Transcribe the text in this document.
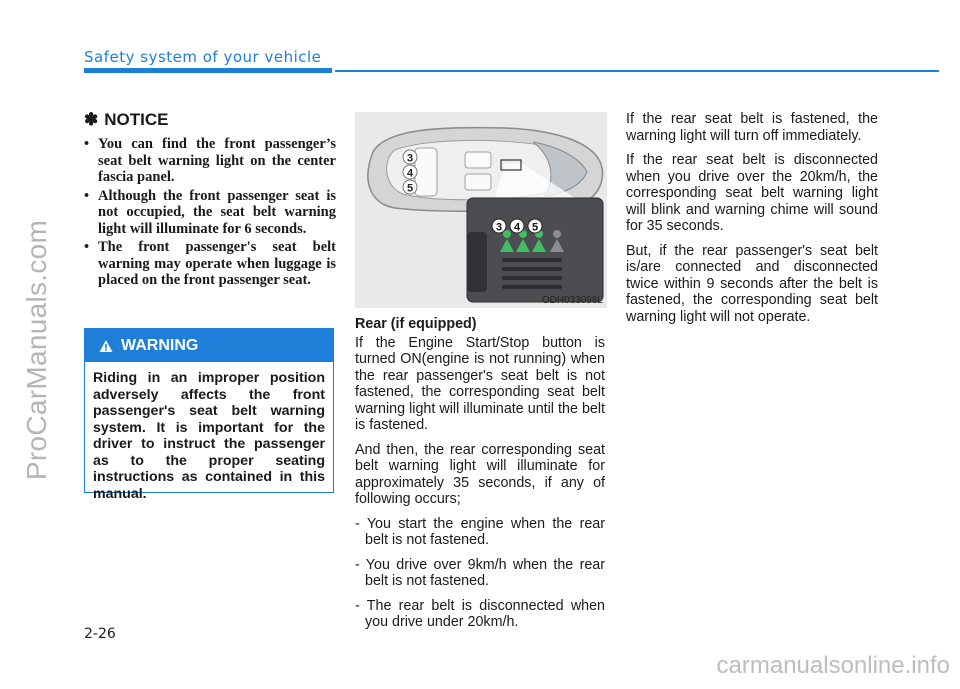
ProCarManuals.com
Safety system of your vehicle
✽ NOTICE
• You can find the front passenger’s seat belt warning light on the center fascia panel.
• Although the front passenger seat is not occupied, the seat belt warning light will illuminate for 6 seconds.
• The front passenger's seat belt warning may operate when luggage is placed on the front passenger seat.
WARNING
Riding in an improper position adversely affects the front passenger's seat belt warning system. It is important for the driver to instruct the passenger as to the proper seating instructions as contained in this manual.
3
4
5
3 4 5
ODH033098L

Rear (if equipped)

If the Engine Start/Stop button is turned ON(engine is not running) when the rear passenger's seat belt is not fastened, the corresponding seat belt warning light will illuminate until the belt is fastened.

And then, the rear corresponding seat belt warning light will illuminate for approximately 35 seconds, if any of following occurs;

- You start the engine when the rear belt is not fastened.

- You drive over 9km/h when the rear belt is not fastened.

- The rear belt is disconnected when you drive under 20km/h.

If the rear seat belt is fastened, the warning light will turn off immediately.

If the rear seat belt is disconnected when you drive over the 20km/h, the corresponding seat belt warning light will blink and warning chime will sound for 35 seconds.

But, if the rear passenger's seat belt is/are connected and disconnected twice within 9 seconds after the belt is fastened, the corresponding seat belt warning light will not operate.

2-26
carmanualsonline.info
